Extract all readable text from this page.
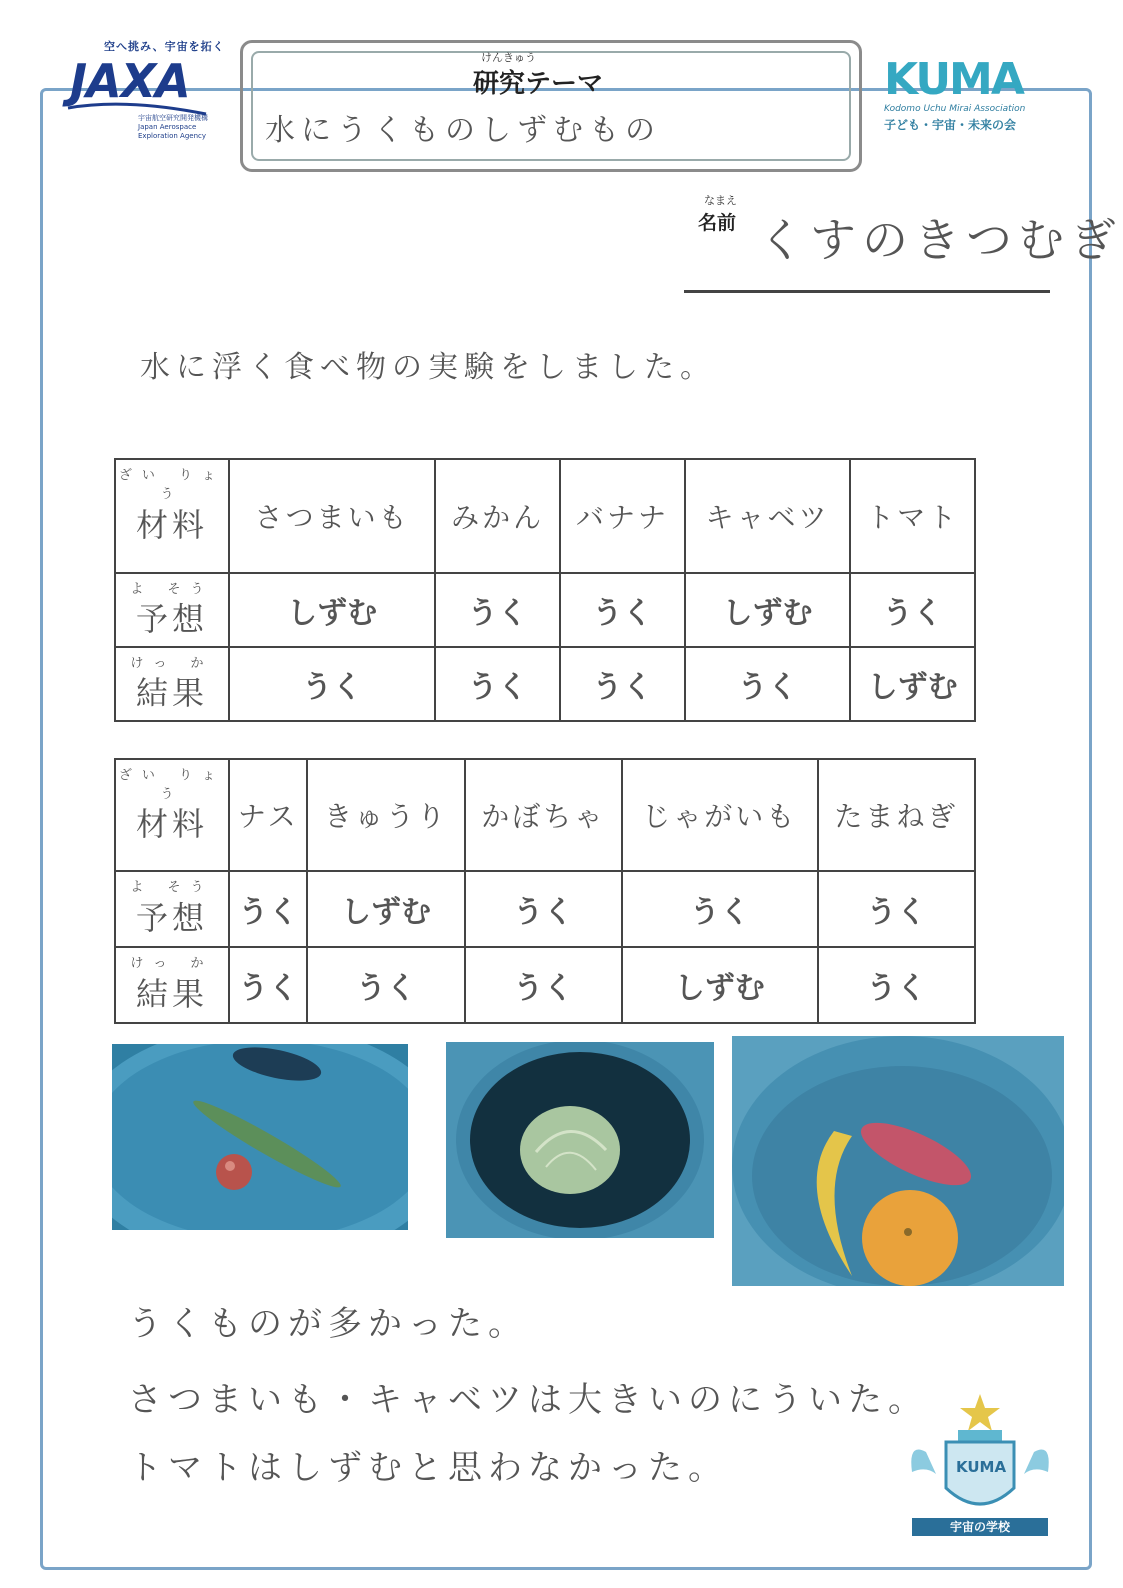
空へ挑み、宇宙を拓く
JAXA
宇宙航空研究開発機構
Japan Aerospace Exploration Agency
けんきゅう
研究テーマ
水にうくものしずむもの
KUMA
Kodomo Uchu Mirai Association
子ども・宇宙・未来の会
なまえ
名前 くすのきつむぎ
水に浮く食べ物の実験をしました。
ざい りょう
材料	さつまいも	みかん	バナナ	キャベツ	トマト

よ そう
予想	しずむ	うく	うく	しずむ	うく

けっ か
結果	うく	うく	うく	うく	しずむ
ざい りょう
材料	ナス	きゅうり	かぼちゃ	じゃがいも	たまねぎ

よ そう
予想	うく	しずむ	うく	うく	うく

けっ か
結果	うく	うく	うく	しずむ	うく
うくものが多かった。
さつまいも・キャベツは大きいのにういた。
トマトはしずむと思わなかった。	KUMA
宇宙の学校
